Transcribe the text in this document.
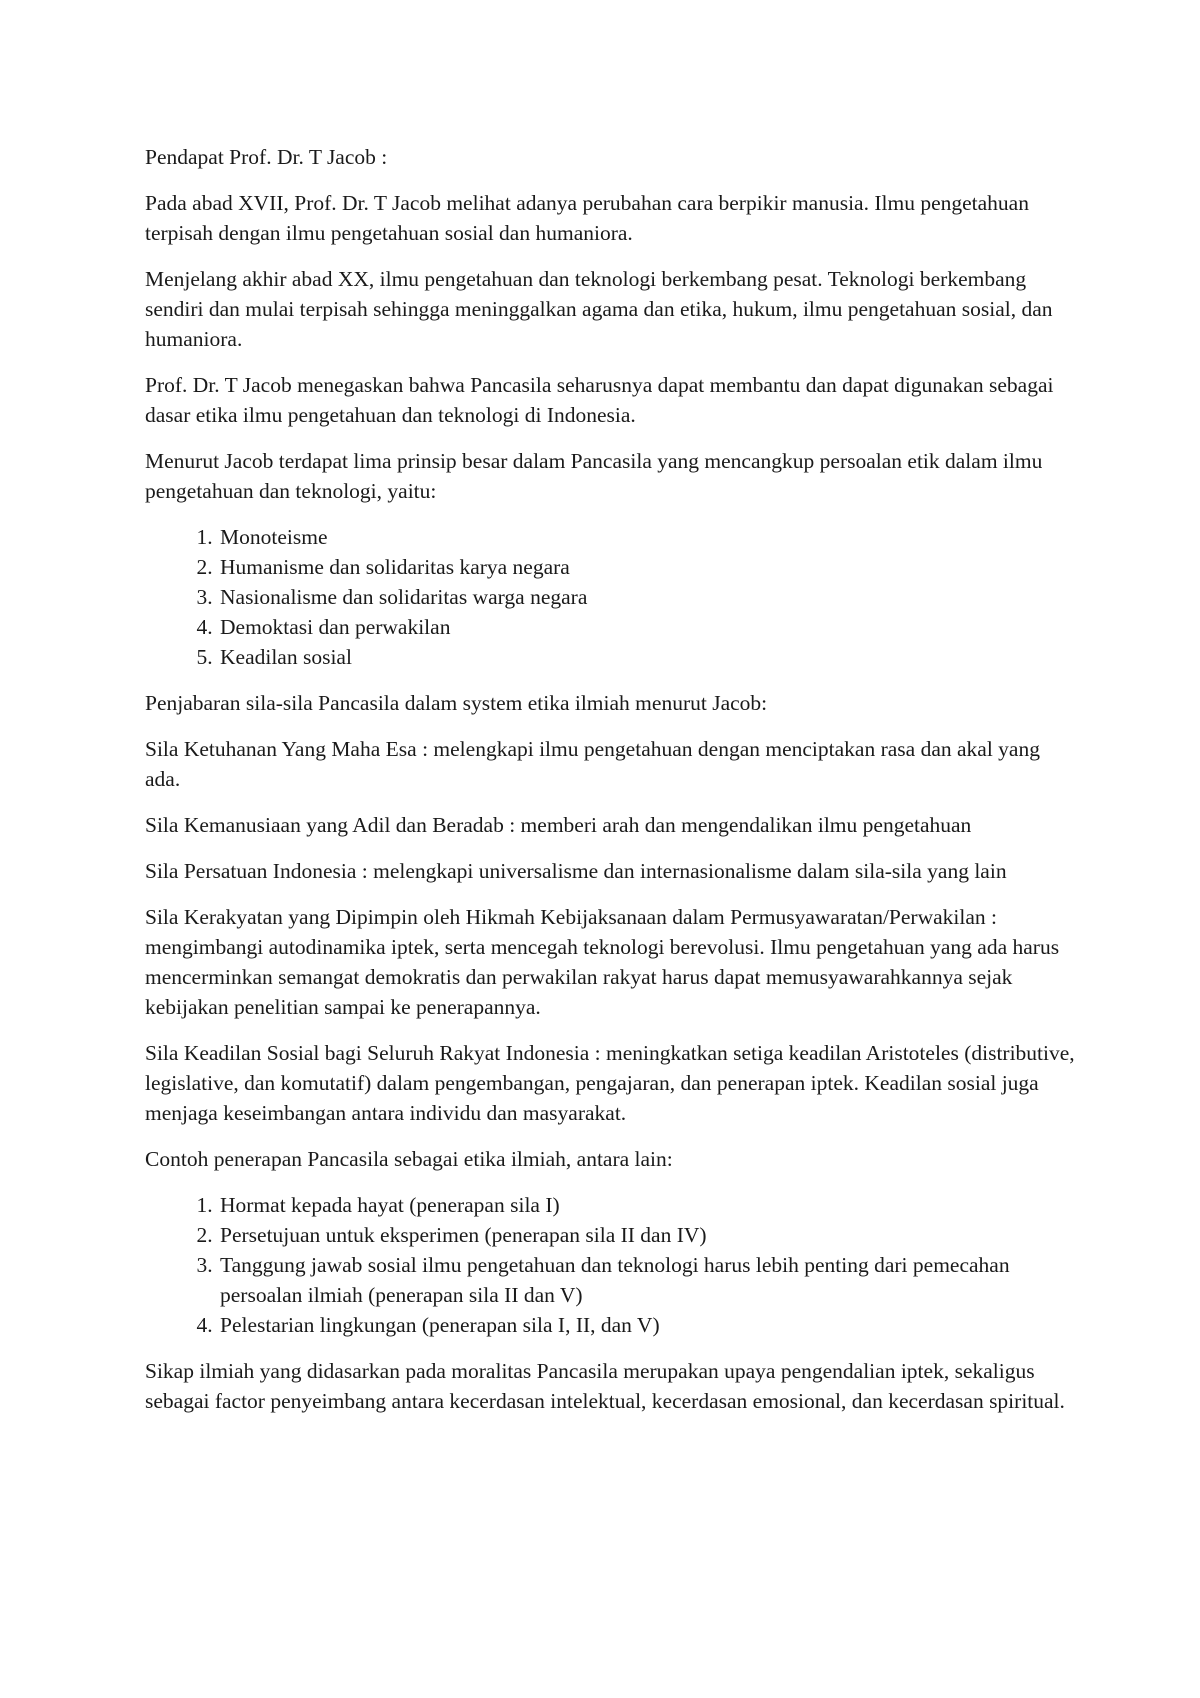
Pendapat Prof. Dr. T Jacob :

Pada abad XVII, Prof. Dr. T Jacob melihat adanya perubahan cara berpikir manusia. Ilmu pengetahuan terpisah dengan ilmu pengetahuan sosial dan humaniora.

Menjelang akhir abad XX, ilmu pengetahuan dan teknologi berkembang pesat. Teknologi berkembang sendiri dan mulai terpisah sehingga meninggalkan agama dan etika, hukum, ilmu pengetahuan sosial, dan humaniora.

Prof. Dr. T Jacob menegaskan bahwa Pancasila seharusnya dapat membantu dan dapat digunakan sebagai dasar etika ilmu pengetahuan dan teknologi di Indonesia.

Menurut Jacob terdapat lima prinsip besar dalam Pancasila yang mencangkup persoalan etik dalam ilmu pengetahuan dan teknologi, yaitu:

1. Monoteisme
2. Humanisme dan solidaritas karya negara
3. Nasionalisme dan solidaritas warga negara
4. Demoktasi dan perwakilan
5. Keadilan sosial

Penjabaran sila-sila Pancasila dalam system etika ilmiah menurut Jacob:

Sila Ketuhanan Yang Maha Esa : melengkapi ilmu pengetahuan dengan menciptakan rasa dan akal yang ada.

Sila Kemanusiaan yang Adil dan Beradab : memberi arah dan mengendalikan ilmu pengetahuan

Sila Persatuan Indonesia : melengkapi universalisme dan internasionalisme dalam sila-sila yang lain

Sila Kerakyatan yang Dipimpin oleh Hikmah Kebijaksanaan dalam Permusyawaratan/Perwakilan : mengimbangi autodinamika iptek, serta mencegah teknologi berevolusi. Ilmu pengetahuan yang ada harus mencerminkan semangat demokratis dan perwakilan rakyat harus dapat memusyawarahkannya sejak kebijakan penelitian sampai ke penerapannya.

Sila Keadilan Sosial bagi Seluruh Rakyat Indonesia : meningkatkan setiga keadilan Aristoteles (distributive, legislative, dan komutatif) dalam pengembangan, pengajaran, dan penerapan iptek. Keadilan sosial juga menjaga keseimbangan antara individu dan masyarakat.

Contoh penerapan Pancasila sebagai etika ilmiah, antara lain:

1. Hormat kepada hayat (penerapan sila I)
2. Persetujuan untuk eksperimen (penerapan sila II dan IV)
3. Tanggung jawab sosial ilmu pengetahuan dan teknologi harus lebih penting dari pemecahan persoalan ilmiah (penerapan sila II dan V)
4. Pelestarian lingkungan (penerapan sila I, II, dan V)

Sikap ilmiah yang didasarkan pada moralitas Pancasila merupakan upaya pengendalian iptek, sekaligus sebagai factor penyeimbang antara kecerdasan intelektual, kecerdasan emosional, dan kecerdasan spiritual.
